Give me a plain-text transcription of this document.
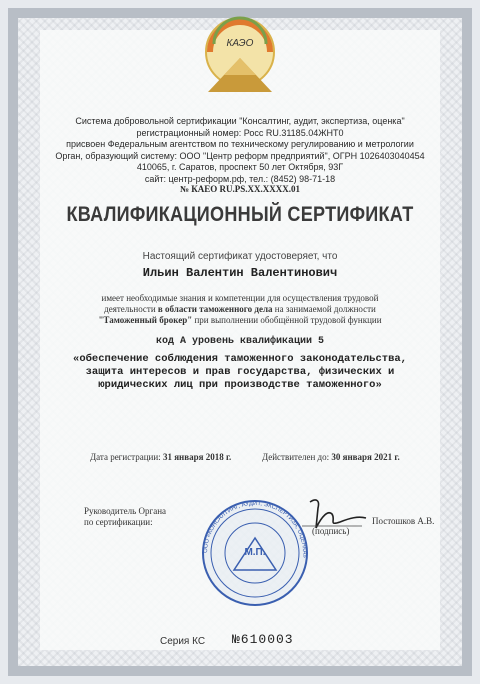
КАЭО
Система добровольной сертификации "Консалтинг, аудит, экспертиза, оценка"
регистрационный номер: Росс RU.31185.04ЖНТ0
присвоен Федеральным агентством по техническому регулированию и метрологии
Орган, образующий систему: ООО "Центр реформ предприятий", ОГРН 1026403040454
410065, г. Саратов, проспект 50 лет Октября, 93Г
сайт: центр-реформ.рф, тел.: (8452) 98-71-18
№ КАЕО RU.PS.XX.XXXX.01
КВАЛИФИКАЦИОННЫЙ СЕРТИФИКАТ
Настоящий сертификат удостоверяет, что
Ильин Валентин Валентинович
имеет необходимые знания и компетенции для осуществления трудовой
деятельности в области таможенного дела на занимаемой должности
"Таможенный брокер" при выполнении обобщённой трудовой функции
код А уровень квалификации 5
«обеспечение соблюдения таможенного законодательства,
защита интересов и прав государства, физических и
юридических лиц при производстве таможенного»
Дата регистрации: 31 января 2018 г.	Действителен до: 30 января 2021 г.
Руководитель Органа
по сертификации:
ООО «КОНСАЛТИНГ, АУДИТ, ЭКСПЕРТИЗА, ОЦЕНКА»
М.П.
(подпись)
Постошков А.В.
Серия КС №610003
